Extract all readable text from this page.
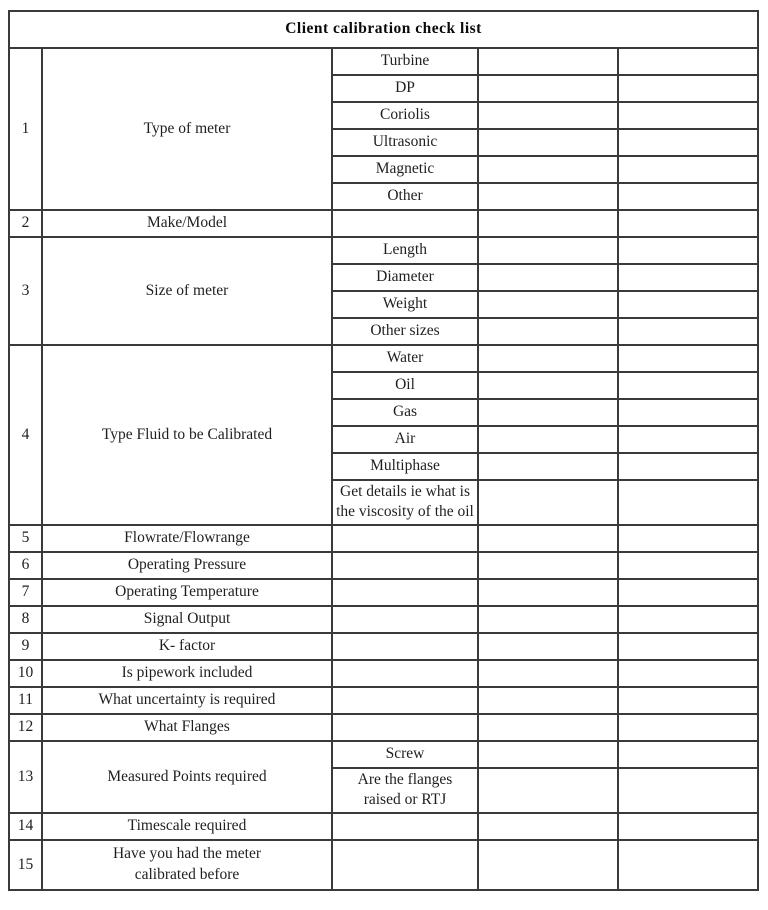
Client calibration check list				
1	Type of meter	Turbine		
		DP		
		Coriolis		
		Ultrasonic		
		Magnetic		
		Other		
2	Make/Model			
3	Size of meter	Length		
		Diameter		
		Weight		
		Other sizes		
4	Type Fluid to be Calibrated	Water		
		Oil		
		Gas		
		Air		
		Multiphase		
		Get details ie what is the viscosity of the oil		
5	Flowrate/Flowrange			
6	Operating Pressure			
7	Operating Temperature			
8	Signal Output			
9	K- factor			
10	Is pipework included			
11	What uncertainty is required			
12	What Flanges			
13	Measured Points required	Screw		
		Are the flanges raised or RTJ		
14	Timescale required			
15	Have you had the meter calibrated before			
